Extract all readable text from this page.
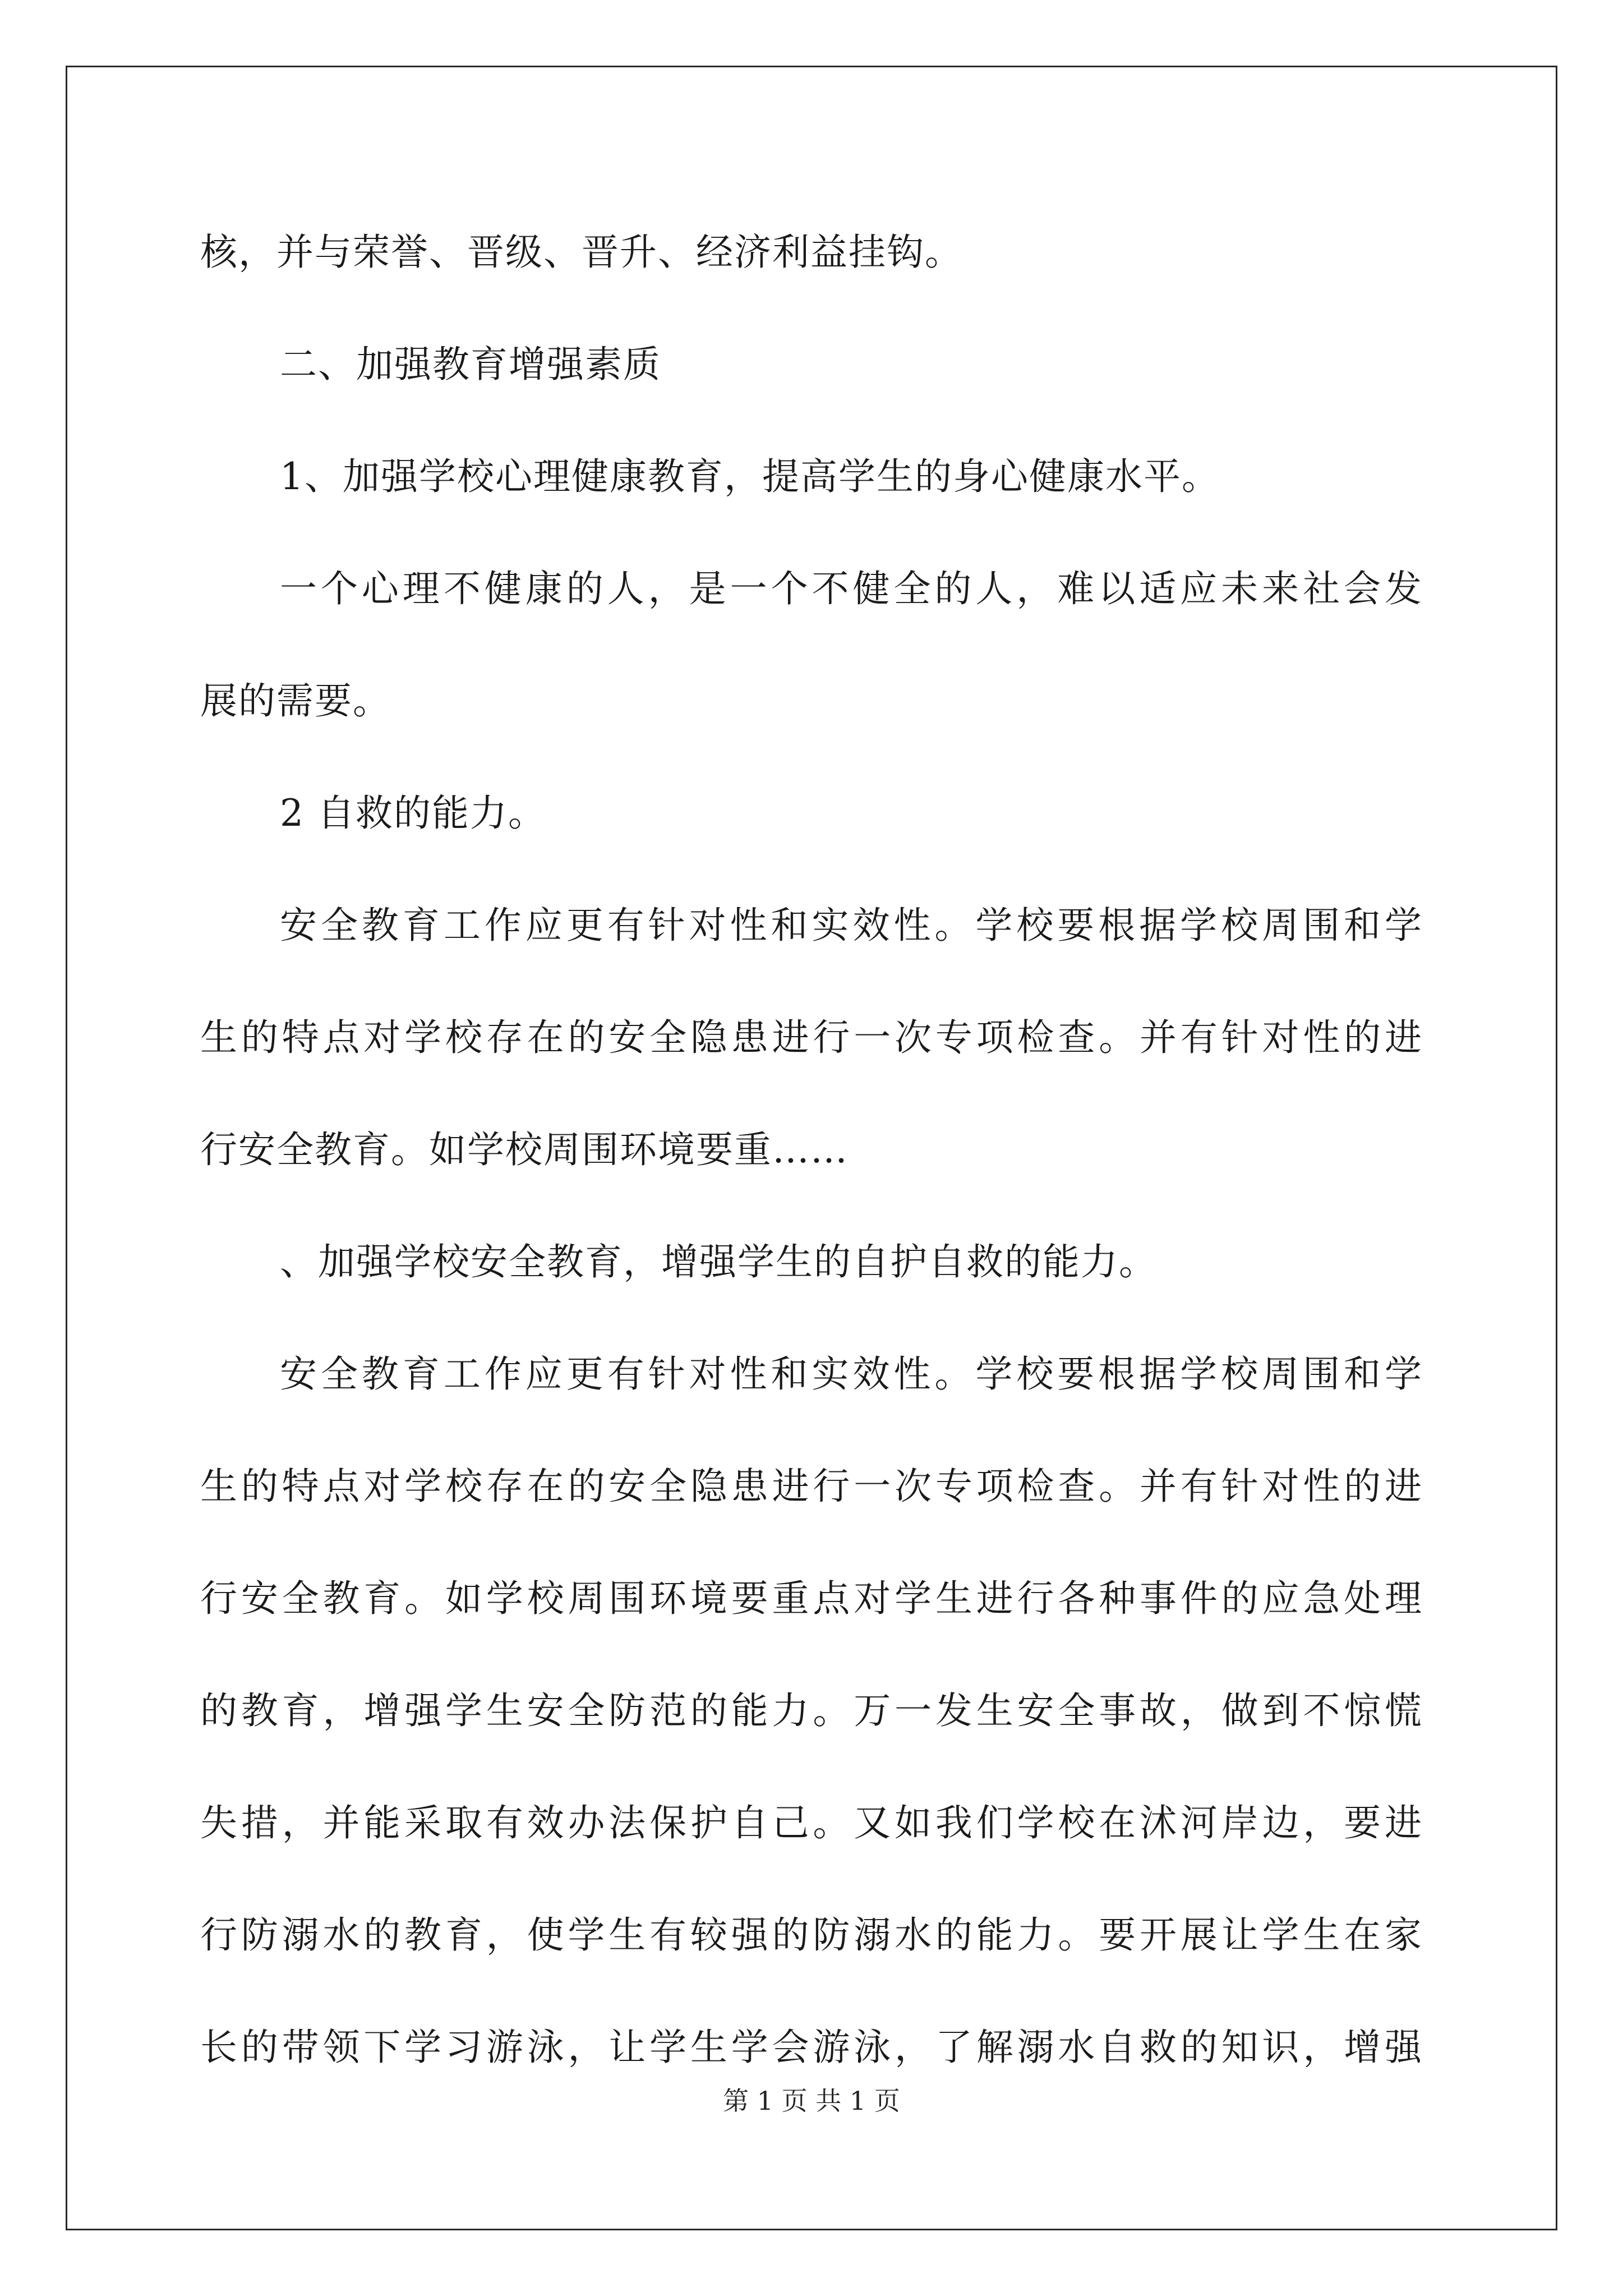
核，并与荣誉、晋级、晋升、经济利益挂钩。
二、加强教育增强素质
1、加强学校心理健康教育，提高学生的身心健康水平。
一个心理不健康的人，是一个不健全的人，难以适应未来社会发
展的需要。
2 自救的能力。
安全教育工作应更有针对性和实效性。学校要根据学校周围和学
生的特点对学校存在的安全隐患进行一次专项检查。并有针对性的进
行安全教育。如学校周围环境要重……
、加强学校安全教育，增强学生的自护自救的能力。
安全教育工作应更有针对性和实效性。学校要根据学校周围和学
生的特点对学校存在的安全隐患进行一次专项检查。并有针对性的进
行安全教育。如学校周围环境要重点对学生进行各种事件的应急处理
的教育，增强学生安全防范的能力。万一发生安全事故，做到不惊慌
失措，并能采取有效办法保护自己。又如我们学校在沭河岸边，要进
行防溺水的教育，使学生有较强的防溺水的能力。要开展让学生在家
长的带领下学习游泳，让学生学会游泳，了解溺水自救的知识，增强
第 1 页 共 1 页
